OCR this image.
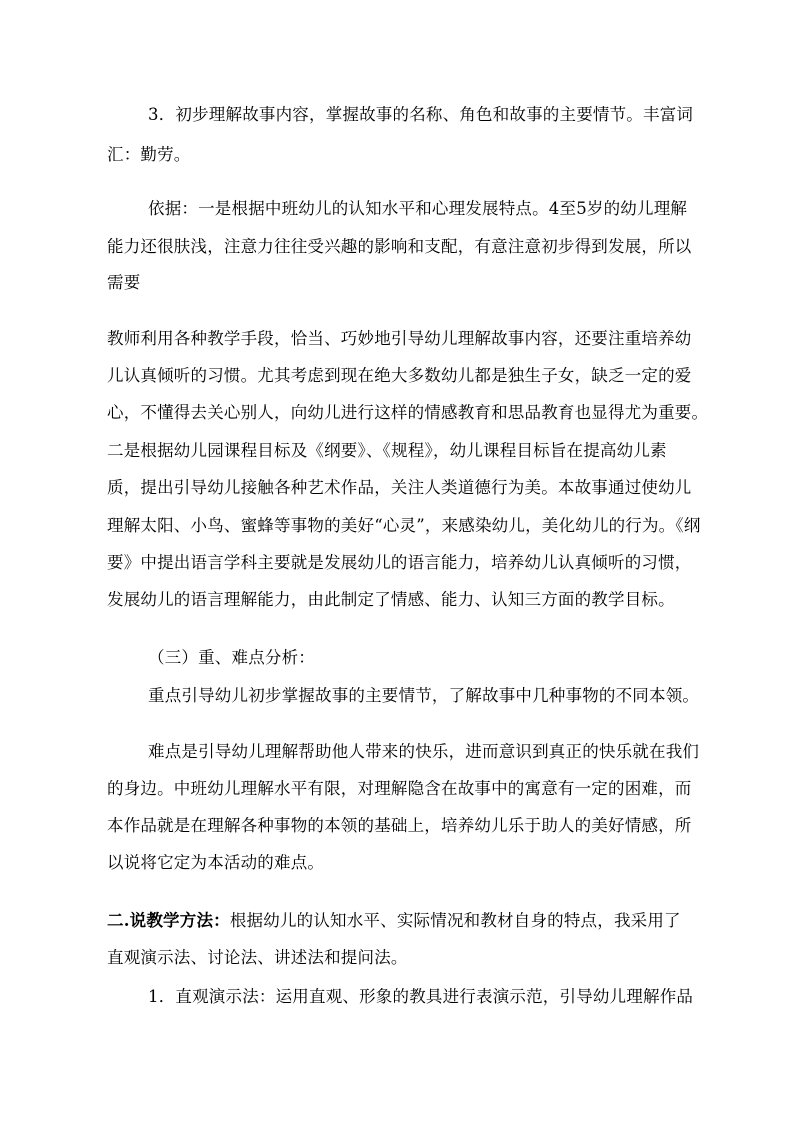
3．初步理解故事内容，掌握故事的名称、角色和故事的主要情节。丰富词
汇：勤劳。
依据：一是根据中班幼儿的认知水平和心理发展特点。4至5岁的幼儿理解
能力还很肤浅，注意力往往受兴趣的影响和支配，有意注意初步得到发展，所以
需要
教师利用各种教学手段，恰当、巧妙地引导幼儿理解故事内容，还要注重培养幼
儿认真倾听的习惯。尤其考虑到现在绝大多数幼儿都是独生子女，缺乏一定的爱
心，不懂得去关心别人，向幼儿进行这样的情感教育和思品教育也显得尤为重要。
二是根据幼儿园课程目标及《纲要》、《规程》，幼儿课程目标旨在提高幼儿素
质，提出引导幼儿接触各种艺术作品，关注人类道德行为美。本故事通过使幼儿
理解太阳、小鸟、蜜蜂等事物的美好“心灵”，来感染幼儿，美化幼儿的行为。《纲
要》中提出语言学科主要就是发展幼儿的语言能力，培养幼儿认真倾听的习惯，
发展幼儿的语言理解能力，由此制定了情感、能力、认知三方面的教学目标。
（三）重、难点分析：
重点引导幼儿初步掌握故事的主要情节，了解故事中几种事物的不同本领。
难点是引导幼儿理解帮助他人带来的快乐，进而意识到真正的快乐就在我们
的身边。中班幼儿理解水平有限，对理解隐含在故事中的寓意有一定的困难，而
本作品就是在理解各种事物的本领的基础上，培养幼儿乐于助人的美好情感，所
以说将它定为本活动的难点。
二.说教学方法：根据幼儿的认知水平、实际情况和教材自身的特点，我采用了
直观演示法、讨论法、讲述法和提问法。
1．直观演示法：运用直观、形象的教具进行表演示范，引导幼儿理解作品
